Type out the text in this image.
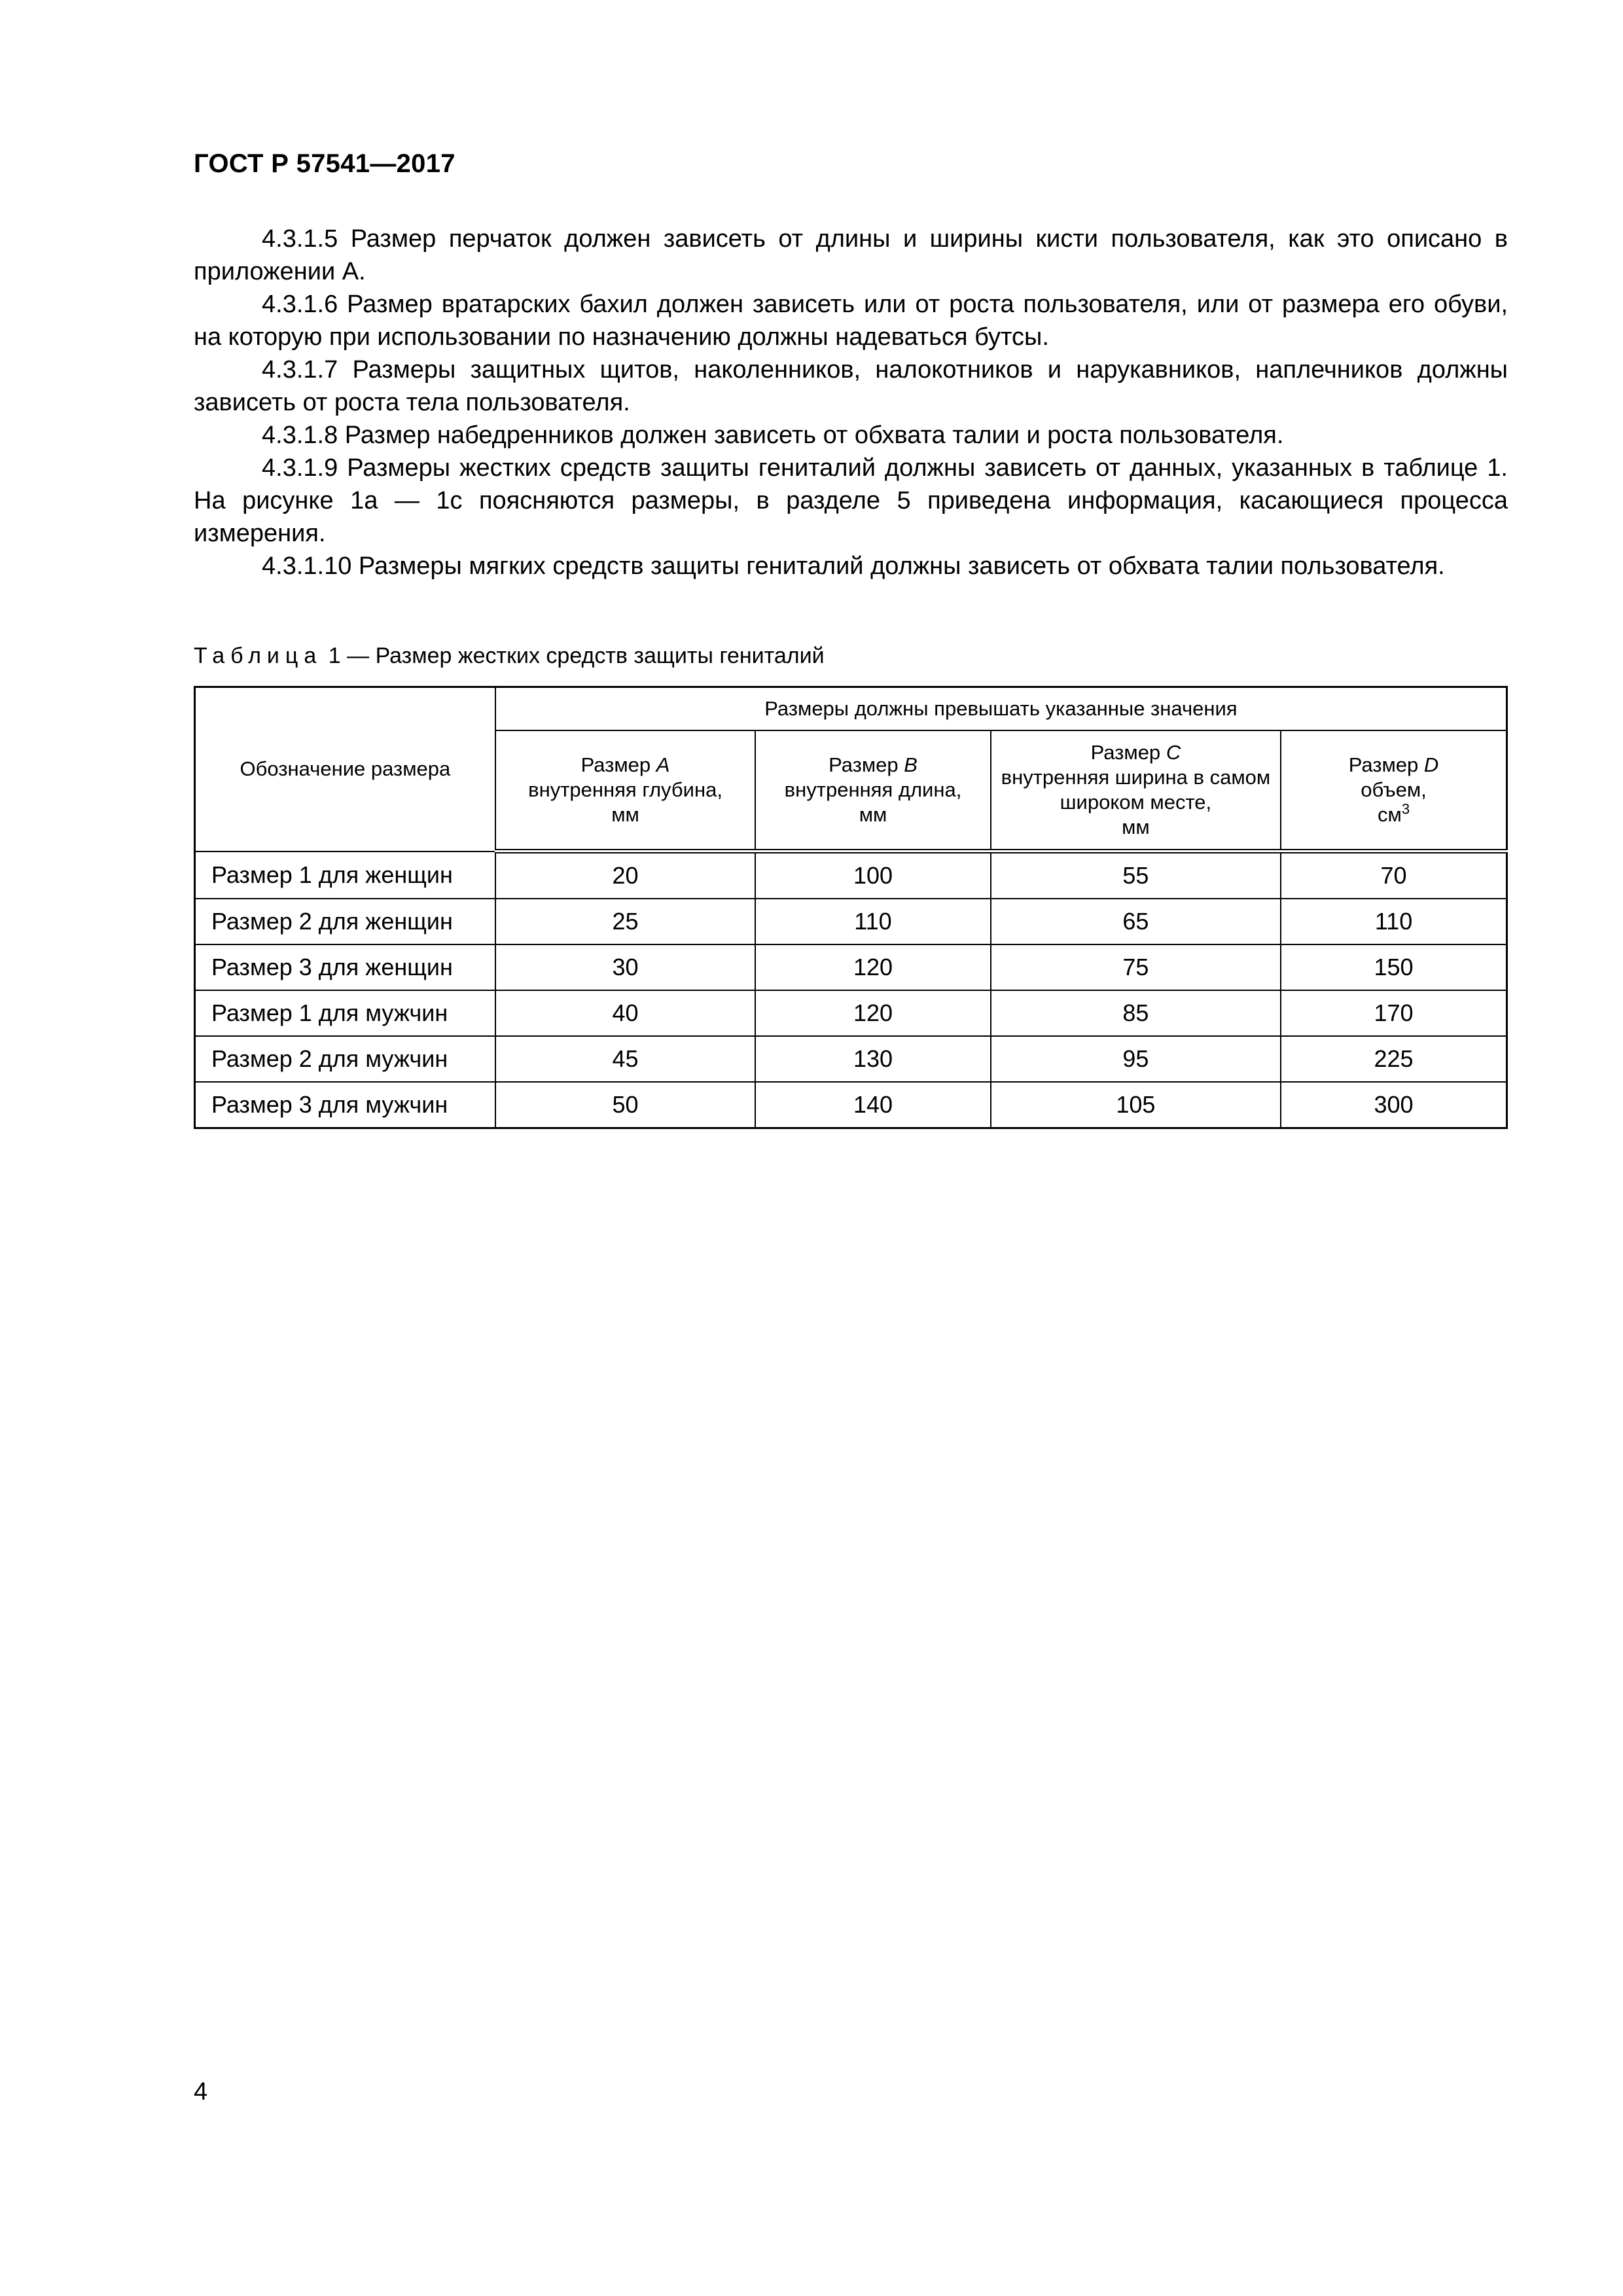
ГОСТ Р 57541—2017

4.3.1.5 Размер перчаток должен зависеть от длины и ширины кисти пользователя, как это описано в приложении А.

4.3.1.6 Размер вратарских бахил должен зависеть или от роста пользователя, или от размера его обуви, на которую при использовании по назначению должны надеваться бутсы.

4.3.1.7 Размеры защитных щитов, наколенников, налокотников и нарукавников, наплечников должны зависеть от роста тела пользователя.

4.3.1.8 Размер набедренников должен зависеть от обхвата талии и роста пользователя.

4.3.1.9 Размеры жестких средств защиты гениталий должны зависеть от данных, указанных в таблице 1. На рисунке 1а — 1с поясняются размеры, в разделе 5 приведена информация, касающиеся процесса измерения.

4.3.1.10 Размеры мягких средств защиты гениталий должны зависеть от обхвата талии пользователя.

Таблица 1 — Размер жестких средств защиты гениталий
Обозначение размера	Размеры должны превышать указанные значения			
	Размер A
внутренняя глубина,
мм	Размер B
внутренняя длина,
мм	Размер C
внутренняя ширина в самом широком месте,
мм	Размер D
объем,
$см^3$
Размер 1 для женщин	20	100	55	70
Размер 2 для женщин	25	110	65	110
Размер 3 для женщин	30	120	75	150
Размер 1 для мужчин	40	120	85	170
Размер 2 для мужчин	45	130	95	225
Размер 3 для мужчин	50	140	105	300
4
